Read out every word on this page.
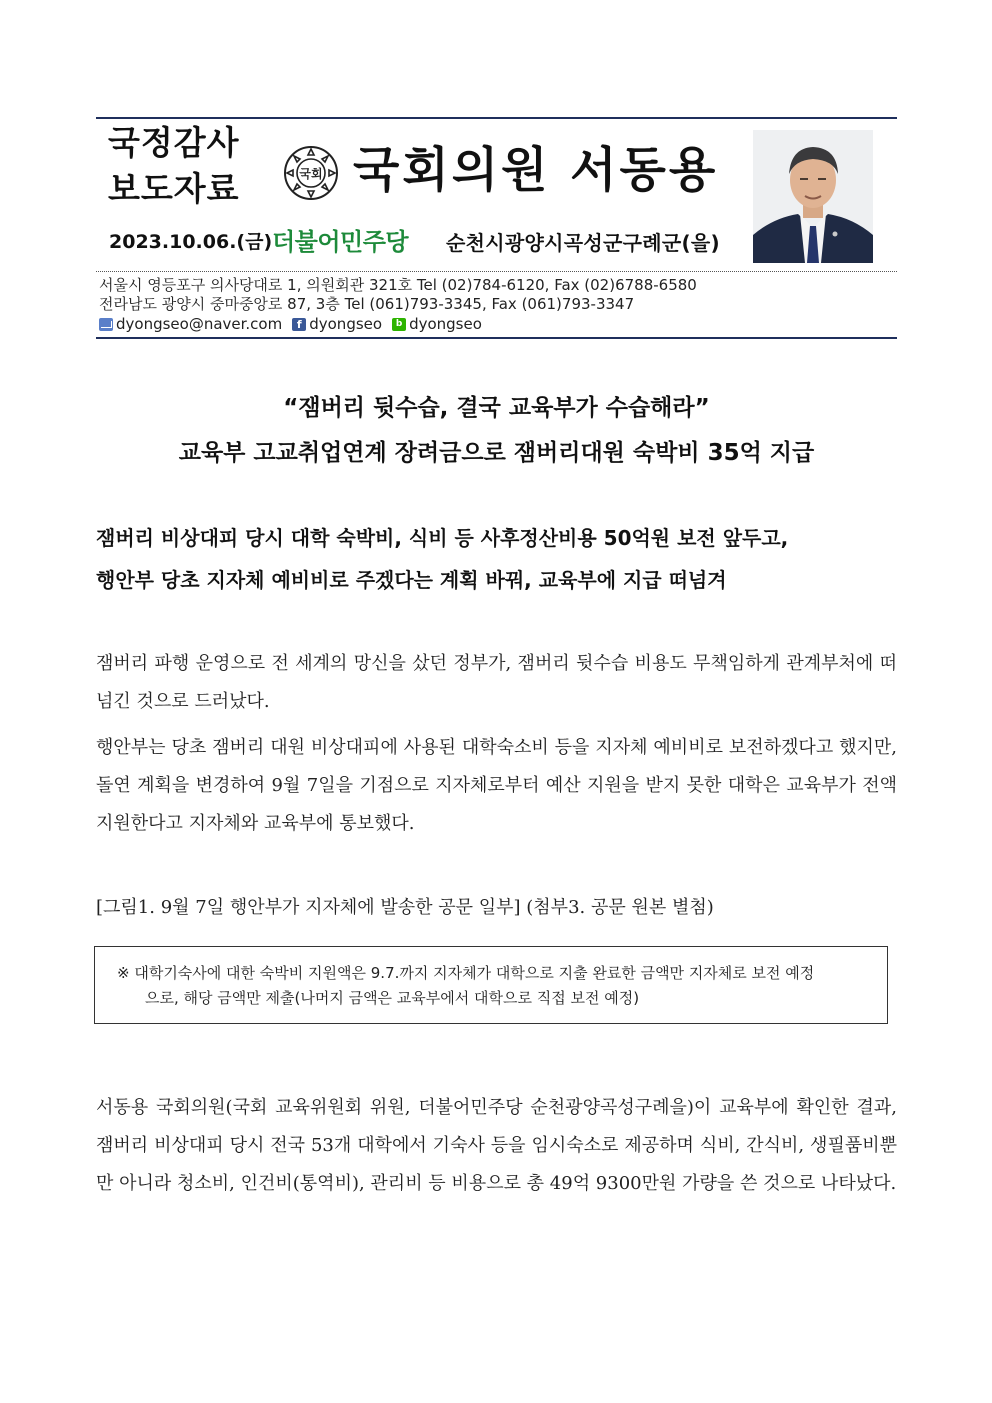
국정감사
보도자료	국회 국회의원 서동용
2023.10.06.(금) 더불어민주당 순천시광양시곡성군구례군(을)
서울시 영등포구 의사당대로 1, 의원회관 321호 Tel (02)784-6120, Fax (02)6788-6580
전라남도 광양시 중마중앙로 87, 3층 Tel (061)793-3345, Fax (061)793-3347
dyongseo@naver.com	f dyongseo	b dyongseo
“잼버리 뒷수습, 결국 교육부가 수습해라”
교육부 고교취업연계 장려금으로 잼버리대원 숙박비 35억 지급
잼버리 비상대피 당시 대학 숙박비, 식비 등 사후정산비용 50억원 보전 앞두고,
행안부 당초 지자체 예비비로 주겠다는 계획 바꿔, 교육부에 지급 떠넘겨

잼버리 파행 운영으로 전 세계의 망신을 샀던 정부가, 잼버리 뒷수습 비용도 무책임하게 관계부처에 떠넘긴 것으로 드러났다.

행안부는 당초 잼버리 대원 비상대피에 사용된 대학숙소비 등을 지자체 예비비로 보전하겠다고 했지만, 돌연 계획을 변경하여 9월 7일을 기점으로 지자체로부터 예산 지원을 받지 못한 대학은 교육부가 전액 지원한다고 지자체와 교육부에 통보했다.

[그림1. 9월 7일 행안부가 지자체에 발송한 공문 일부] (첨부3. 공문 원본 별첨)
※ 대학기숙사에 대한 숙박비 지원액은 9.7.까지 지자체가 대학으로 지출 완료한 금액만 지자체로 보전 예정
으로, 해당 금액만 제출(나머지 금액은 교육부에서 대학으로 직접 보전 예정)

서동용 국회의원(국회 교육위원회 위원, 더불어민주당 순천광양곡성구례을)이 교육부에 확인한 결과, 잼버리 비상대피 당시 전국 53개 대학에서 기숙사 등을 임시숙소로 제공하며 식비, 간식비, 생필품비뿐만 아니라 청소비, 인건비(통역비), 관리비 등 비용으로 총 49억 9300만원 가량을 쓴 것으로 나타났다.
